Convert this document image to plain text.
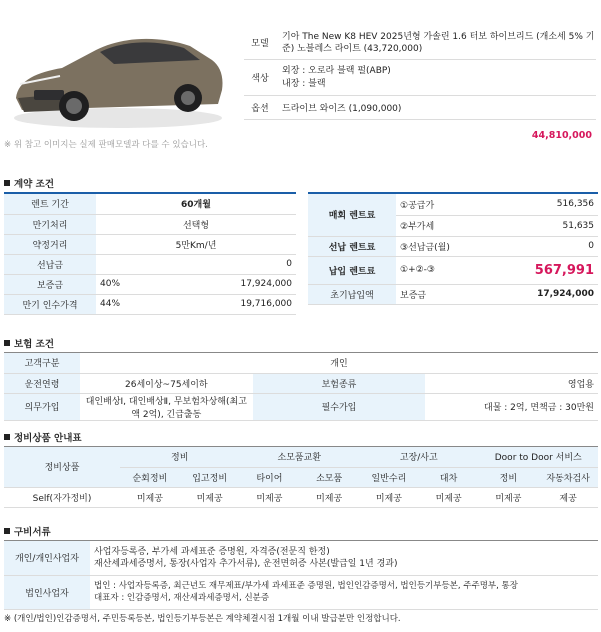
모델
기아 The New K8 HEV 2025년형 가솔린 1.6 터보 하이브리드 (개소세 5% 기준) 노블레스 라이트 (43,720,000)
색상
외장 : 오로라 블랙 펄(ABP)
내장 : 블랙
옵션	드라이브 와이즈 (1,090,000)
44,810,000
※ 위 참고 이미지는 실제 판매모델과 다를 수 있습니다.
계약 조건
렌트 기간	60개월
만기처리	선택형
약정거리	5만Km/년
선납금	0
보증금	40% 17,924,000

만기 인수가격	44% 19,716,000
매회 렌트료	①공급가	516,356
	②부가세	51,635
선납 렌트료	③선납금(월)	0
납입 렌트료	①+②-③	567,991
초기납입액	보증금	17,924,000
보험 조건
고객구분	개인		
운전연령	26세이상~75세이하	보험종류	영업용
의무가입	대인배상Ⅰ, 대인배상Ⅱ, 무보험차상해(최고액 2억), 긴급출동	필수가입	대물 : 2억, 면책금 : 30만원
정비상품 안내표
정비상품	정비		소모품교환		고장/사고		Door to Door 서비스	
	순회정비	입고정비	타이어	소모품	일반수리	대차	정비	자동차검사
Self(자가정비)	미제공	미제공	미제공	미제공	미제공	미제공	미제공	제공
구비서류
개인/개인사업자	사업자등록증, 부가세 과세표준 증명원, 자격증(전문직 한정)
재산세과세증명서, 통장(사업자 추가서류), 운전면허증 사본(발급일 1년 경과)

법인사업자	법인 : 사업자등록증, 최근년도 재무제표/부가세 과세표준 증명원, 법인인감증명서, 법인등기부등본, 주주명부, 통장
대표자 : 인감증명서, 재산세과세증명서, 신분증
※ (개인/법인)인감증명서, 주민등록등본, 법인등기부등본은 계약체결시점 1개월 이내 발급분만 인정합니다.
